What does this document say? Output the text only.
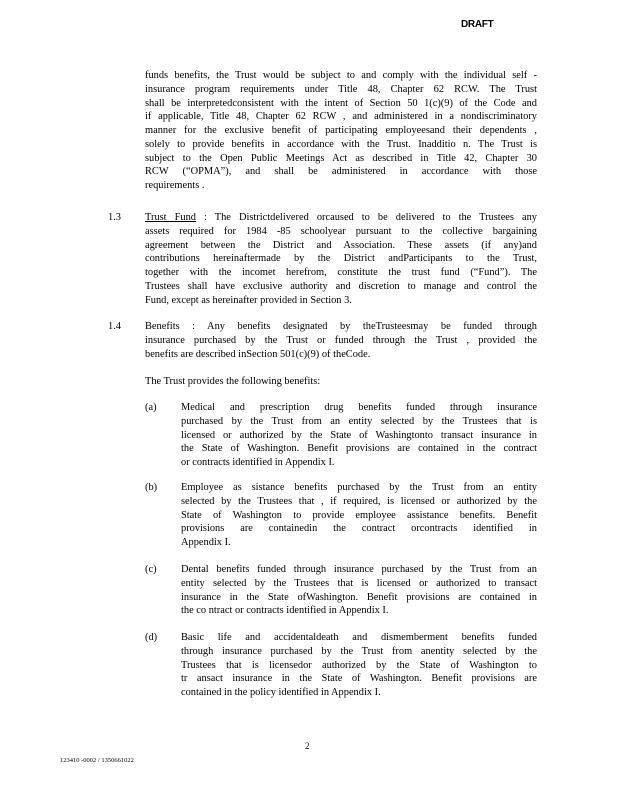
DRAFT
funds benefits, the Trust would be subject to and comply with the individual self -
insurance program requirements under Title 48, Chapter 62 RCW. The Trust
shall be interpretedconsistent with the intent of Section 50 1(c)(9) of the Code and
if applicable, Title 48, Chapter 62 RCW , and administered in a nondiscriminatory
manner for the exclusive benefit of participating employeesand their dependents ,
solely to provide benefits in accordance with the Trust. Inadditio n. The Trust is
subject to the Open Public Meetings Act as described in Title 42, Chapter 30
RCW (“OPMA”), and shall be administered in accordance with those
requirements .
1.3 Trust Fund : The Districtdelivered orcaused to be delivered to the Trustees any
assets required for 1984 -85 schoolyear pursuant to the collective bargaining
agreement between the District and Association. These assets (if any)and
contributions hereinaftermade by the District andParticipants to the Trust,
together with the incomet herefrom, constitute the trust fund (“Fund”). The
Trustees shall have exclusive authority and discretion to manage and control the
Fund, except as hereinafter provided in Section 3.
1.4 Benefits : Any benefits designated by theTrusteesmay be funded through
insurance purchased by the Trust or funded through the Trust , provided the
benefits are described inSection 501(c)(9) of theCode.
The Trust provides the following benefits:
(a) Medical and prescription drug benefits funded through insurance
purchased by the Trust from an entity selected by the Trustees that is
licensed or authorized by the State of Washingtonto transact insurance in
the State of Washington. Benefit provisions are contained in the contract
or contracts identified in Appendix I.
(b) Employee as sistance benefits purchased by the Trust from an entity
selected by the Trustees that , if required, is licensed or authorized by the
State of Washington to provide employee assistance benefits. Benefit
provisions are containedin the contract orcontracts identified in
Appendix I.
(c) Dental benefits funded through insurance purchased by the Trust from an
entity selected by the Trustees that is licensed or authorized to transact
insurance in the State ofWashington. Benefit provisions are contained in
the co ntract or contracts identified in Appendix I.
(d) Basic life and accidentaldeath and dismemberment benefits funded
through insurance purchased by the Trust from anentity selected by the
Trustees that is licensedor authorized by the State of Washington to
tr ansact insurance in the State of Washington. Benefit provisions are
contained in the policy identified in Appendix I.
2
123410 -0002 / 1350661022
